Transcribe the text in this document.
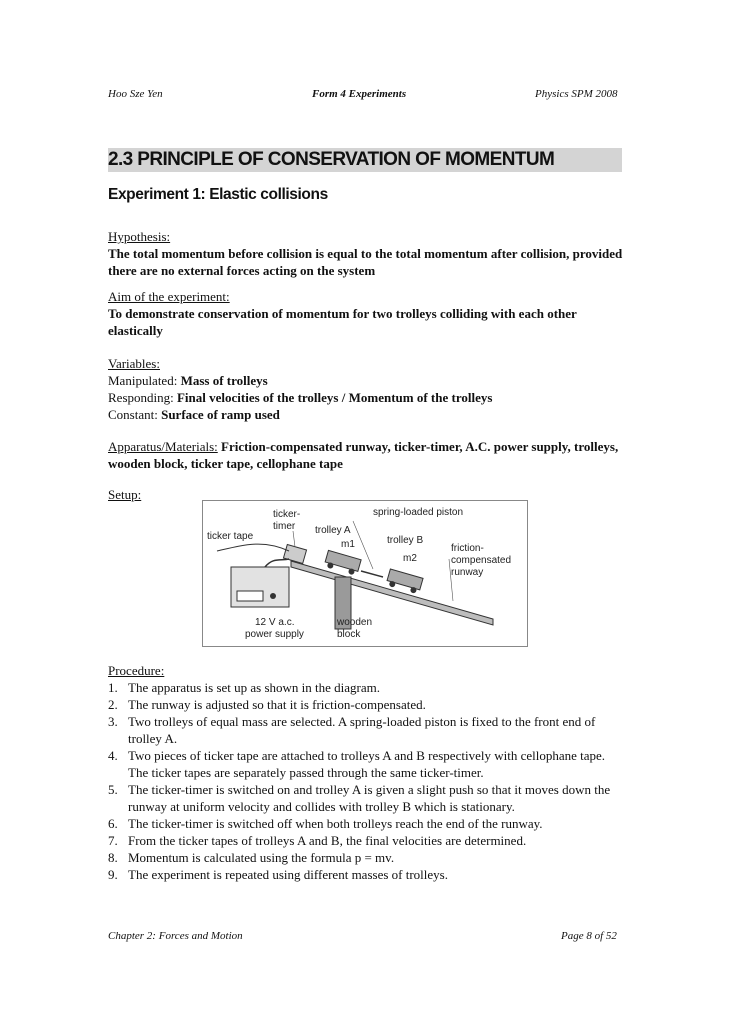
Hoo Sze Yen	Form 4 Experiments	Physics SPM 2008
2.3 PRINCIPLE OF CONSERVATION OF MOMENTUM
Experiment 1: Elastic collisions
Hypothesis:
The total momentum before collision is equal to the total momentum after collision, provided there are no external forces acting on the system
Aim of the experiment:
To demonstrate conservation of momentum for two trolleys colliding with each other elastically
Variables:
Manipulated: Mass of trolleys
Responding: Final velocities of the trolleys / Momentum of the trolleys
Constant: Surface of ramp used
Apparatus/Materials: Friction-compensated runway, ticker-timer, A.C. power supply, trolleys, wooden block, ticker tape, cellophane tape
Setup:
ticker-
timer
spring-loaded piston
ticker tape
trolley A
m1	trolley B
m2
friction-
compensated
runway
12 V a.c.
power supply
wooden
block
Procedure:
1. The apparatus is set up as shown in the diagram.
2. The runway is adjusted so that it is friction-compensated.
3. Two trolleys of equal mass are selected. A spring-loaded piston is fixed to the front end of trolley A.
4. Two pieces of ticker tape are attached to trolleys A and B respectively with cellophane tape. The ticker tapes are separately passed through the same ticker-timer.
5. The ticker-timer is switched on and trolley A is given a slight push so that it moves down the runway at uniform velocity and collides with trolley B which is stationary.
6. The ticker-timer is switched off when both trolleys reach the end of the runway.
7. From the ticker tapes of trolleys A and B, the final velocities are determined.
8. Momentum is calculated using the formula p = mv.
9. The experiment is repeated using different masses of trolleys.
Chapter 2: Forces and Motion	Page 8 of 52
